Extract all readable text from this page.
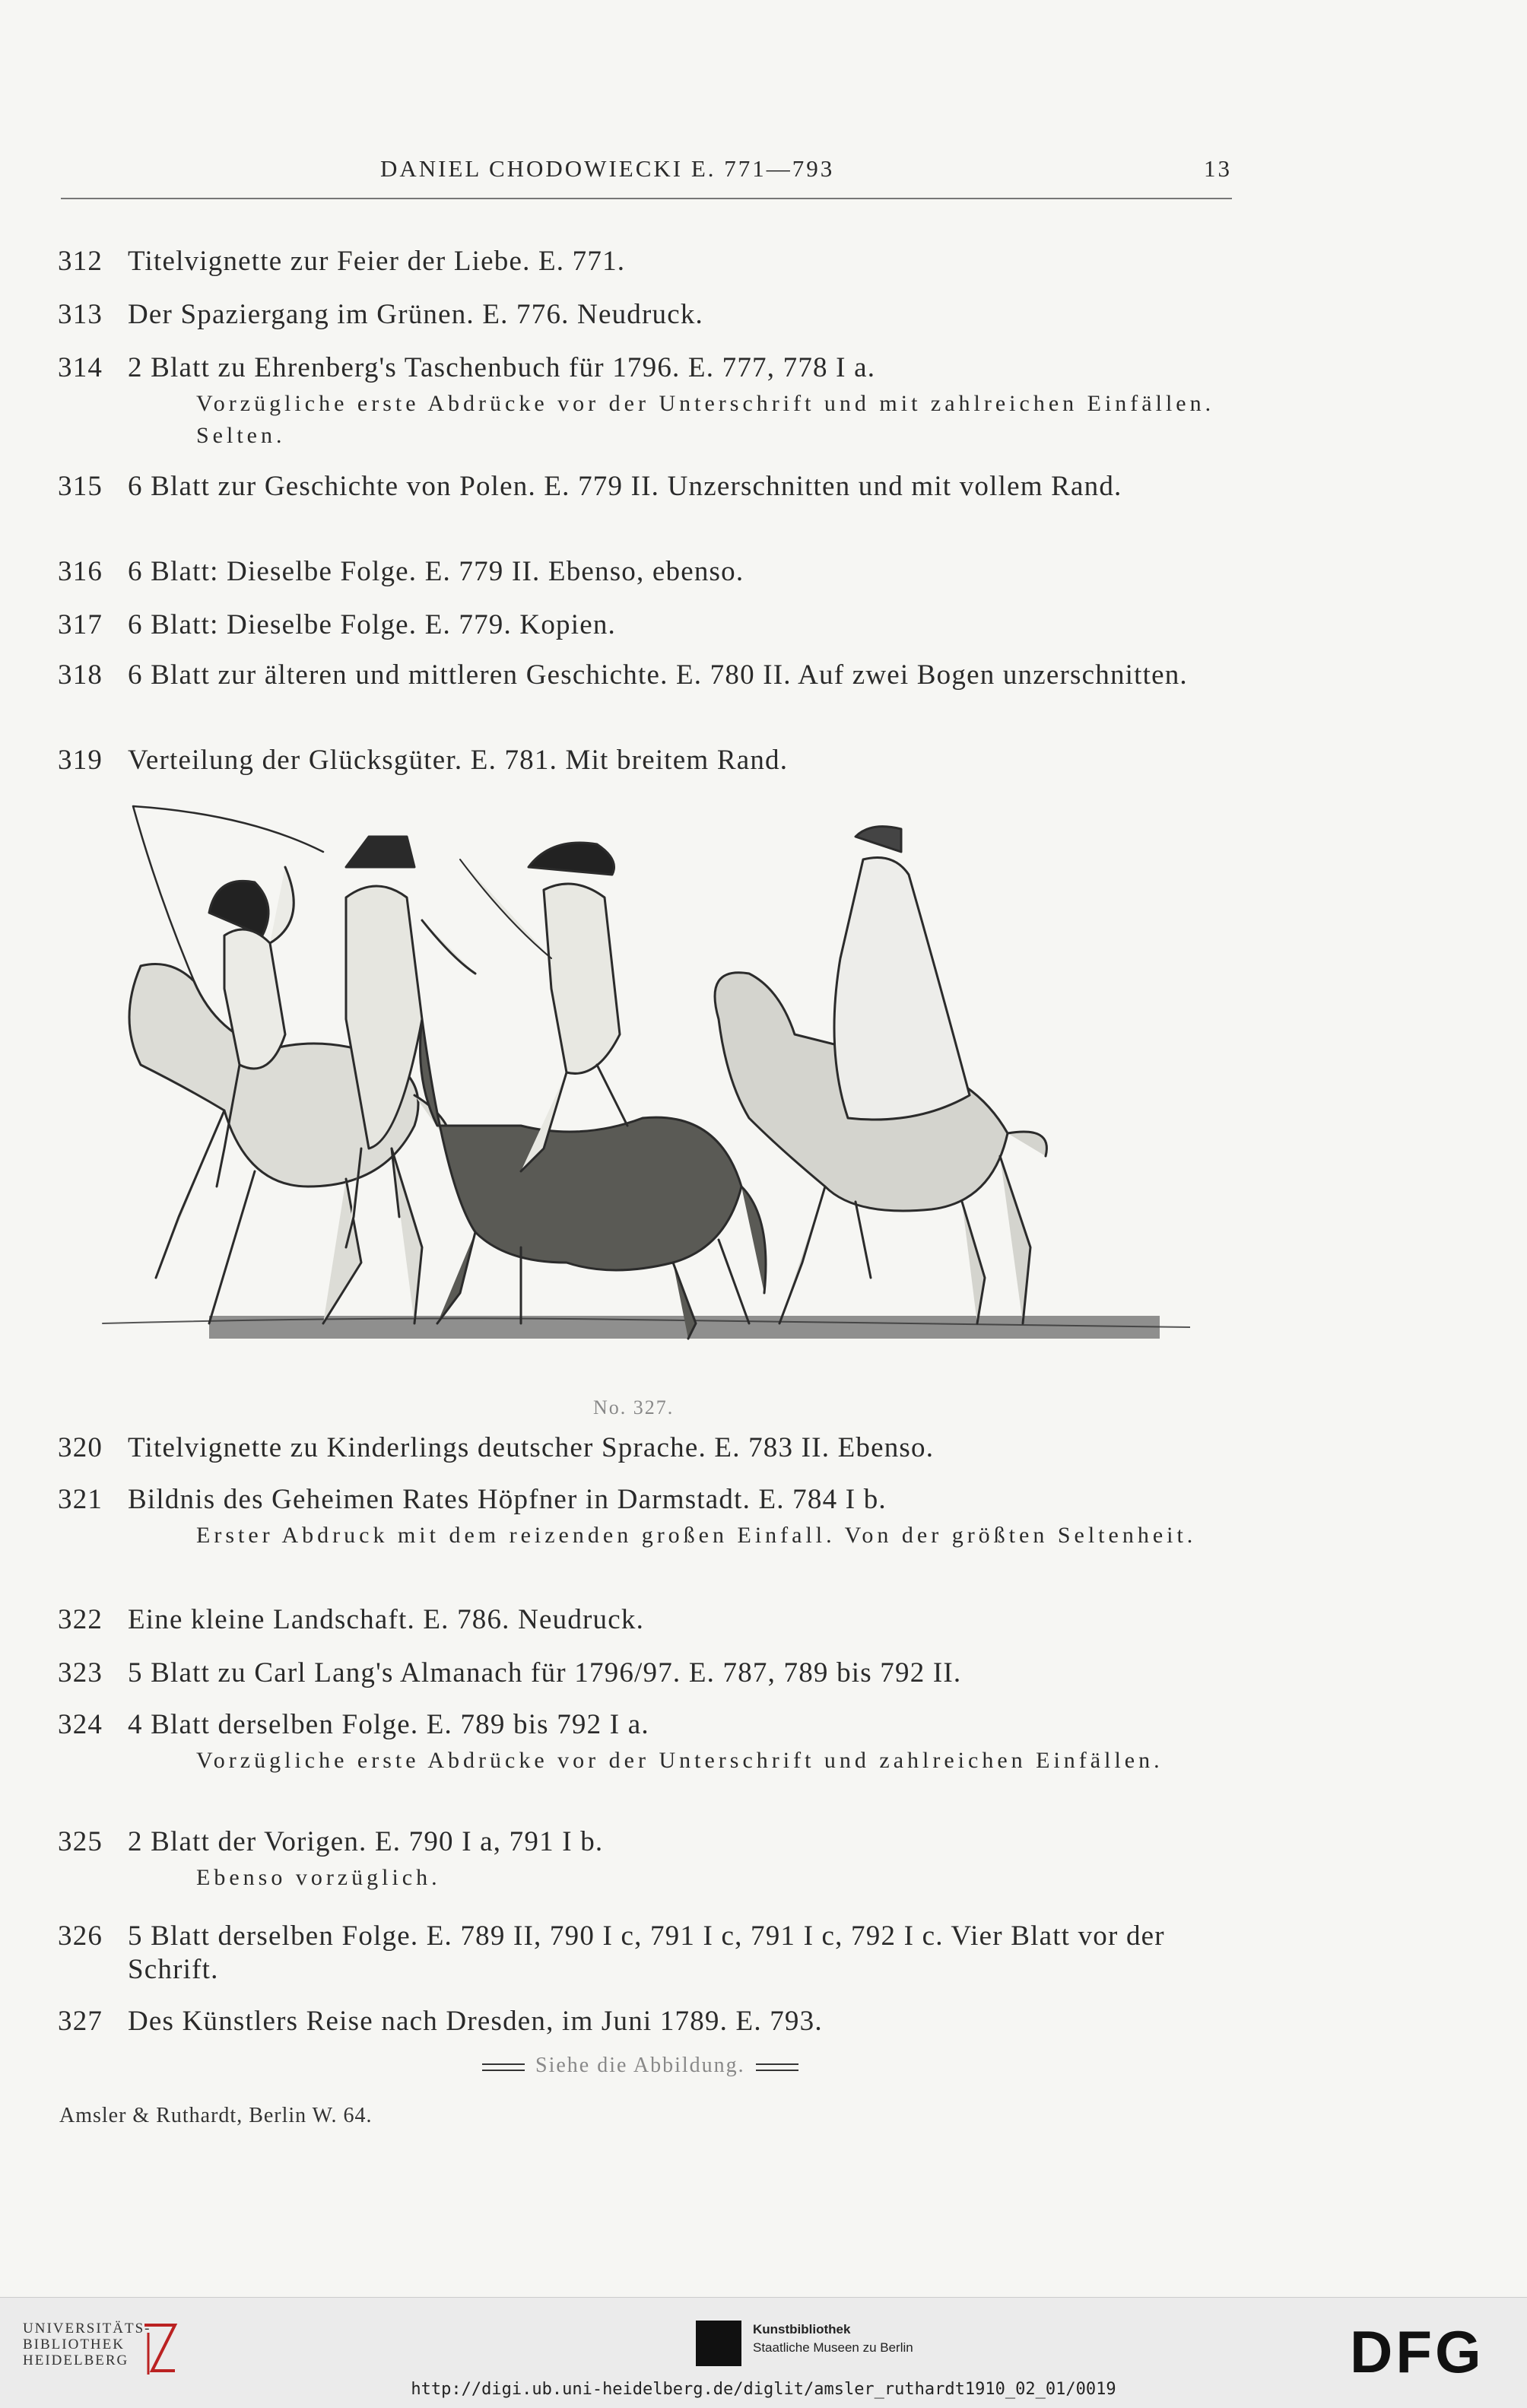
DANIEL CHODOWIECKI E. 771—793	13
312 Titelvignette zur Feier der Liebe. E. 771.
313 Der Spaziergang im Grünen. E. 776. Neudruck.
314 2 Blatt zu Ehrenberg's Taschenbuch für 1796. E. 777, 778 I a.
Vorzügliche erste Abdrücke vor der Unterschrift und mit zahlreichen Einfällen. Selten.
315 6 Blatt zur Geschichte von Polen. E. 779 II. Unzerschnitten und mit vollem Rand.
316 6 Blatt: Dieselbe Folge. E. 779 II. Ebenso, ebenso.
317 6 Blatt: Dieselbe Folge. E. 779. Kopien.
318 6 Blatt zur älteren und mittleren Geschichte. E. 780 II. Auf zwei Bogen unzerschnitten.
319 Verteilung der Glücksgüter. E. 781. Mit breitem Rand.
No. 327.
320 Titelvignette zu Kinderlings deutscher Sprache. E. 783 II. Ebenso.
321 Bildnis des Geheimen Rates Höpfner in Darmstadt. E. 784 I b.
Erster Abdruck mit dem reizenden großen Einfall. Von der größten Seltenheit.
322 Eine kleine Landschaft. E. 786. Neudruck.
323 5 Blatt zu Carl Lang's Almanach für 1796/97. E. 787, 789 bis 792 II.
324 4 Blatt derselben Folge. E. 789 bis 792 I a.
Vorzügliche erste Abdrücke vor der Unterschrift und zahlreichen Einfällen.
325 2 Blatt der Vorigen. E. 790 I a, 791 I b.
Ebenso vorzüglich.
326 5 Blatt derselben Folge. E. 789 II, 790 I c, 791 I c, 791 I c, 792 I c. Vier Blatt vor der Schrift.
327 Des Künstlers Reise nach Dresden, im Juni 1789. E. 793.
Siehe die Abbildung.
Amsler & Ruthardt, Berlin W. 64.
UNIVERSITÄTS-
BIBLIOTHEK
HEIDELBERG
Kunstbibliothek
Staatliche Museen zu Berlin	DFG
http://digi.ub.uni-heidelberg.de/diglit/amsler_ruthardt1910_02_01/0019
